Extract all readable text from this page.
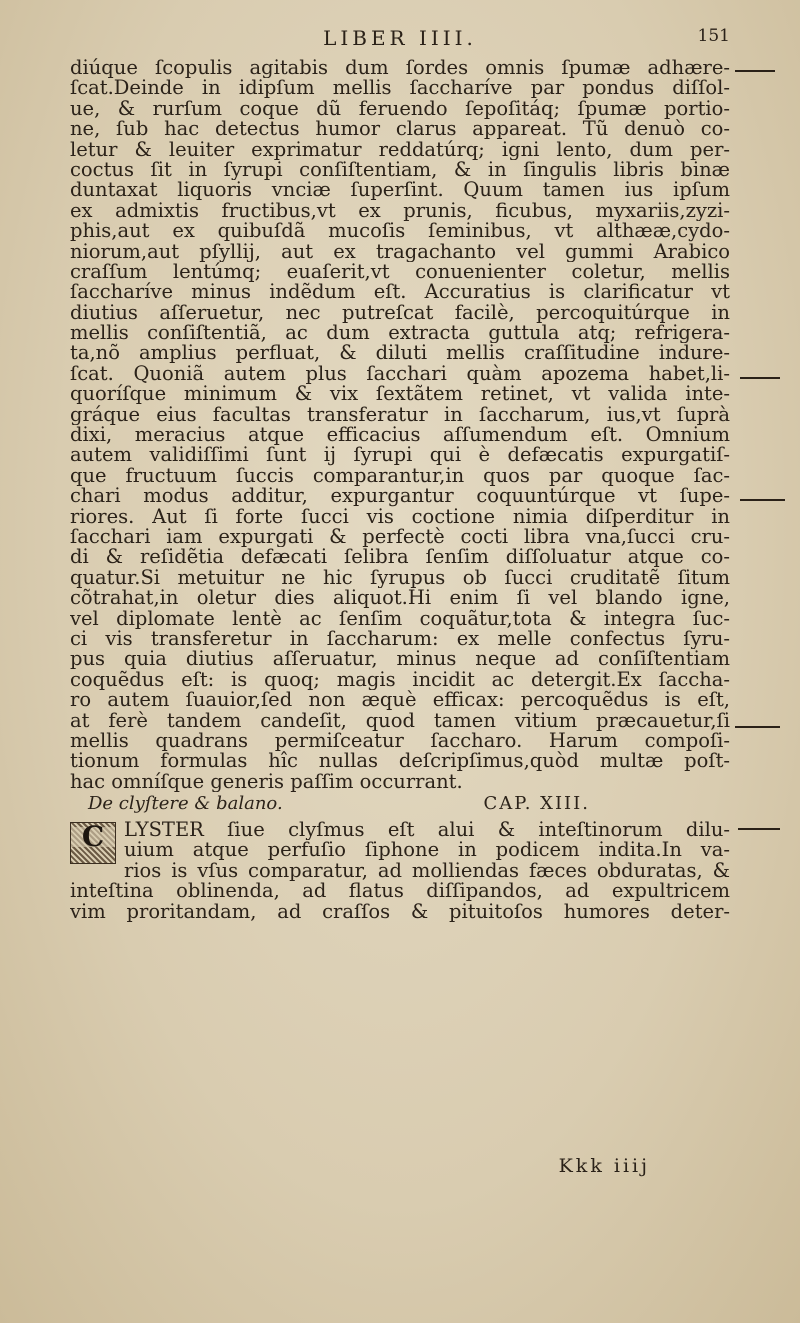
LIBER IIII.	151
diúque ſcopulis agitabis dum ſordes omnis ſpumæ adhære-
ſcat.Deinde in idipſum mellis ſaccharíve par pondus diſſol-
ue, & rurſum coque dũ feruendo ſepoſitáq; ſpumæ portio-
ne, ſub hac detectus humor clarus appareat. Tũ denuò co-
letur & leuiter exprimatur reddatúrq; igni lento, dum per-
coctus ſit in ſyrupi conſiſtentiam, & in ſingulis libris binæ
duntaxat liquoris vnciæ ſuperſint. Quum tamen ius ipſum
ex admixtis fructibus,vt ex prunis, ficubus, myxariis,zyzi-
phis,aut ex quibuſdã mucoſis ſeminibus, vt althææ,cydo-
niorum,aut pſyllij, aut ex tragachanto vel gummi Arabico
craſſum lentúmq; euaſerit,vt conuenienter coletur, mellis
ſaccharíve minus indẽdum eſt. Accuratius is clarificatur vt
diutius aſſeruetur, nec putreſcat facilè, percoquitúrque in
mellis conſiſtentiã, ac dum extracta guttula atq; refrigera-
ta,nõ amplius perfluat, & diluti mellis craſſitudine indure-
ſcat. Quoniã autem plus ſacchari quàm apozema habet,li-
quoríſque minimum & vix ſextãtem retinet, vt valida inte-
gráque eius facultas transferatur in ſaccharum, ius,vt ſuprà
dixi, meracius atque efficacius aſſumendum eſt. Omnium
autem validiſſimi ſunt ij ſyrupi qui è defæcatis expurgatiſ-
que fructuum ſuccis comparantur,in quos par quoque ſac-
chari modus additur, expurgantur coquuntúrque vt ſupe-
riores. Aut ſi forte ſucci vis coctione nimia diſperditur in
ſacchari iam expurgati & perfectè cocti libra vna,ſucci cru-
di & reſidẽtia defæcati ſelibra ſenſim diſſoluatur atque co-
quatur.Si metuitur ne hic ſyrupus ob ſucci cruditatẽ ſitum
cõtrahat,in oletur dies aliquot.Hi enim ſi vel blando igne,
vel diplomate lentè ac ſenſim coquãtur,tota & integra ſuc-
ci vis transferetur in ſaccharum: ex melle confectus ſyru-
pus quia diutius aſſeruatur, minus neque ad conſiſtentiam
coquẽdus eſt: is quoq; magis incidit ac detergit.Ex ſaccha-
ro autem ſuauior,ſed non æquè efficax: percoquẽdus is eſt,
at ferè tandem candeſit, quod tamen vitium præcauetur,ſi
mellis quadrans permiſceatur ſaccharo. Harum compoſi-
tionum formulas hîc nullas deſcripſimus,quòd multæ poſt-
hac omníſque generis paſſim occurrant.
De clyſtere & balano.	CAP. XIII.
C	LYSTER ſiue clyſmus eſt alui & inteſtinorum dilu-
uium atque perfuſio ſiphone in podicem indita.In va-
rios is vſus comparatur, ad molliendas fæces obduratas, &
inteſtina oblinenda, ad flatus diſſipandos, ad expultricem
vim proritandam, ad craſſos & pituitoſos humores deter-
Kkk iiij
